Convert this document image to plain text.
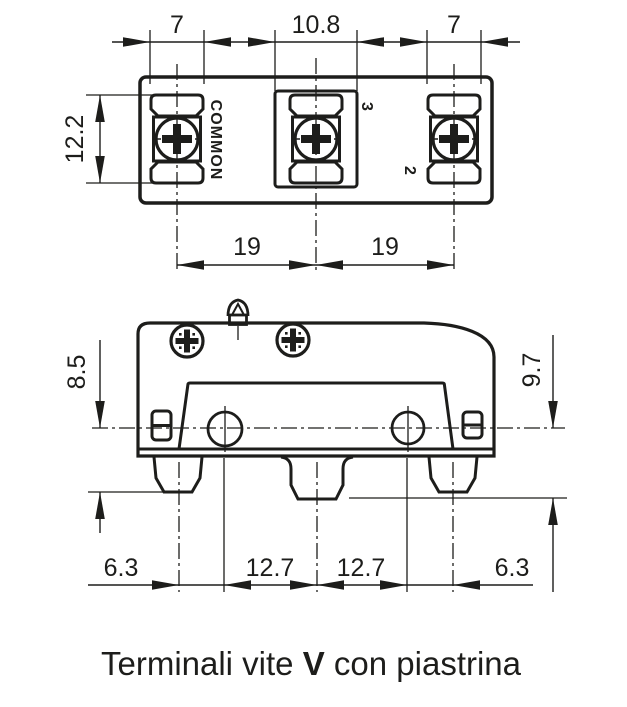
7	10.8	7
12.2	COMMON	3
2
19	19
8.5	9.7
6.3	12.7 12.7	6.3
Terminali vite V con piastrina
